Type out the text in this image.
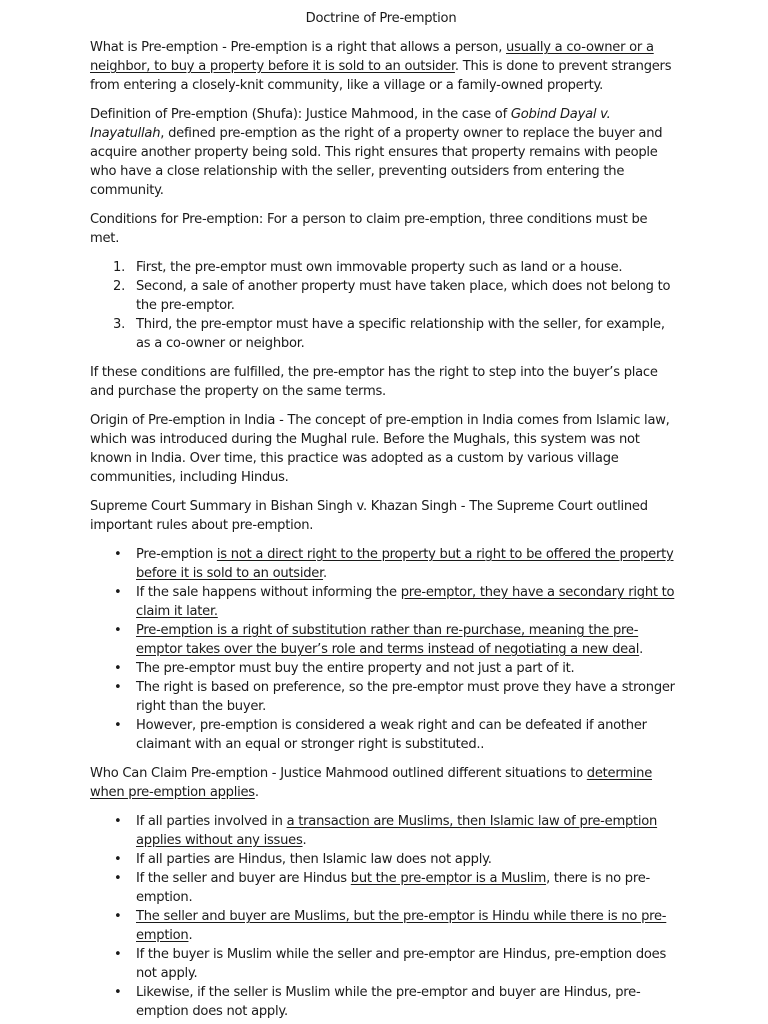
Doctrine of Pre-emption

What is Pre-emption - Pre-emption is a right that allows a person, usually a co-owner or a neighbor, to buy a property before it is sold to an outsider. This is done to prevent strangers from entering a closely-knit community, like a village or a family-owned property.

Definition of Pre-emption (Shufa): Justice Mahmood, in the case of Gobind Dayal v. Inayatullah, defined pre-emption as the right of a property owner to replace the buyer and acquire another property being sold. This right ensures that property remains with people who have a close relationship with the seller, preventing outsiders from entering the community.

Conditions for Pre-emption: For a person to claim pre-emption, three conditions must be met.

First, the pre-emptor must own immovable property such as land or a house.
Second, a sale of another property must have taken place, which does not belong to the pre-emptor.
Third, the pre-emptor must have a specific relationship with the seller, for example, as a co-owner or neighbor.

If these conditions are fulfilled, the pre-emptor has the right to step into the buyer’s place and purchase the property on the same terms.

Origin of Pre-emption in India - The concept of pre-emption in India comes from Islamic law, which was introduced during the Mughal rule. Before the Mughals, this system was not known in India. Over time, this practice was adopted as a custom by various village communities, including Hindus.

Supreme Court Summary in Bishan Singh v. Khazan Singh - The Supreme Court outlined important rules about pre-emption.

• Pre-emption is not a direct right to the property but a right to be offered the property before it is sold to an outsider.
• If the sale happens without informing the pre-emptor, they have a secondary right to claim it later.
• Pre-emption is a right of substitution rather than re-purchase, meaning the pre-emptor takes over the buyer’s role and terms instead of negotiating a new deal.
• The pre-emptor must buy the entire property and not just a part of it.
• The right is based on preference, so the pre-emptor must prove they have a stronger right than the buyer.
• However, pre-emption is considered a weak right and can be defeated if another claimant with an equal or stronger right is substituted..

Who Can Claim Pre-emption - Justice Mahmood outlined different situations to determine when pre-emption applies.

• If all parties involved in a transaction are Muslims, then Islamic law of pre-emption applies without any issues.
• If all parties are Hindus, then Islamic law does not apply.
• If the seller and buyer are Hindus but the pre-emptor is a Muslim, there is no pre-emption.
• The seller and buyer are Muslims, but the pre-emptor is Hindu while there is no pre-emption.
• If the buyer is Muslim while the seller and pre-emptor are Hindus, pre-emption does not apply.
• Likewise, if the seller is Muslim while the pre-emptor and buyer are Hindus, pre-emption does not apply.
